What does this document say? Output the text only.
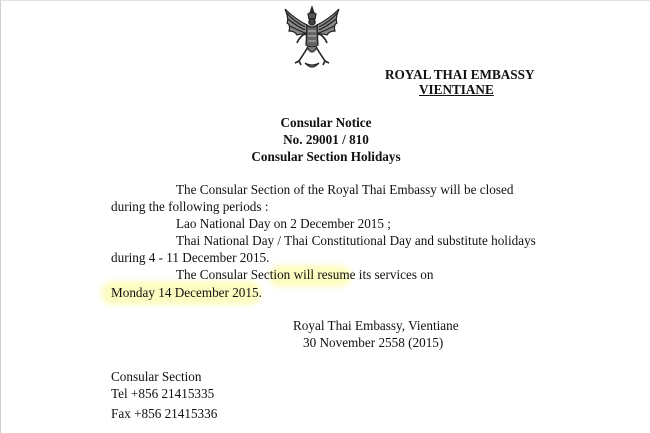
ROYAL THAI EMBASSY
VIENTIANE
Consular Notice
No. 29001 / 810
Consular Section Holidays
The Consular Section of the Royal Thai Embassy will be closed
during the following periods :
Lao National Day on 2 December 2015 ;
Thai National Day / Thai Constitutional Day and substitute holidays
during 4 - 11 December 2015.
The Consular Section will resume its services on
Monday 14 December 2015.
Royal Thai Embassy, Vientiane
30 November 2558 (2015)
Consular Section
Tel +856 21415335
Fax +856 21415336
